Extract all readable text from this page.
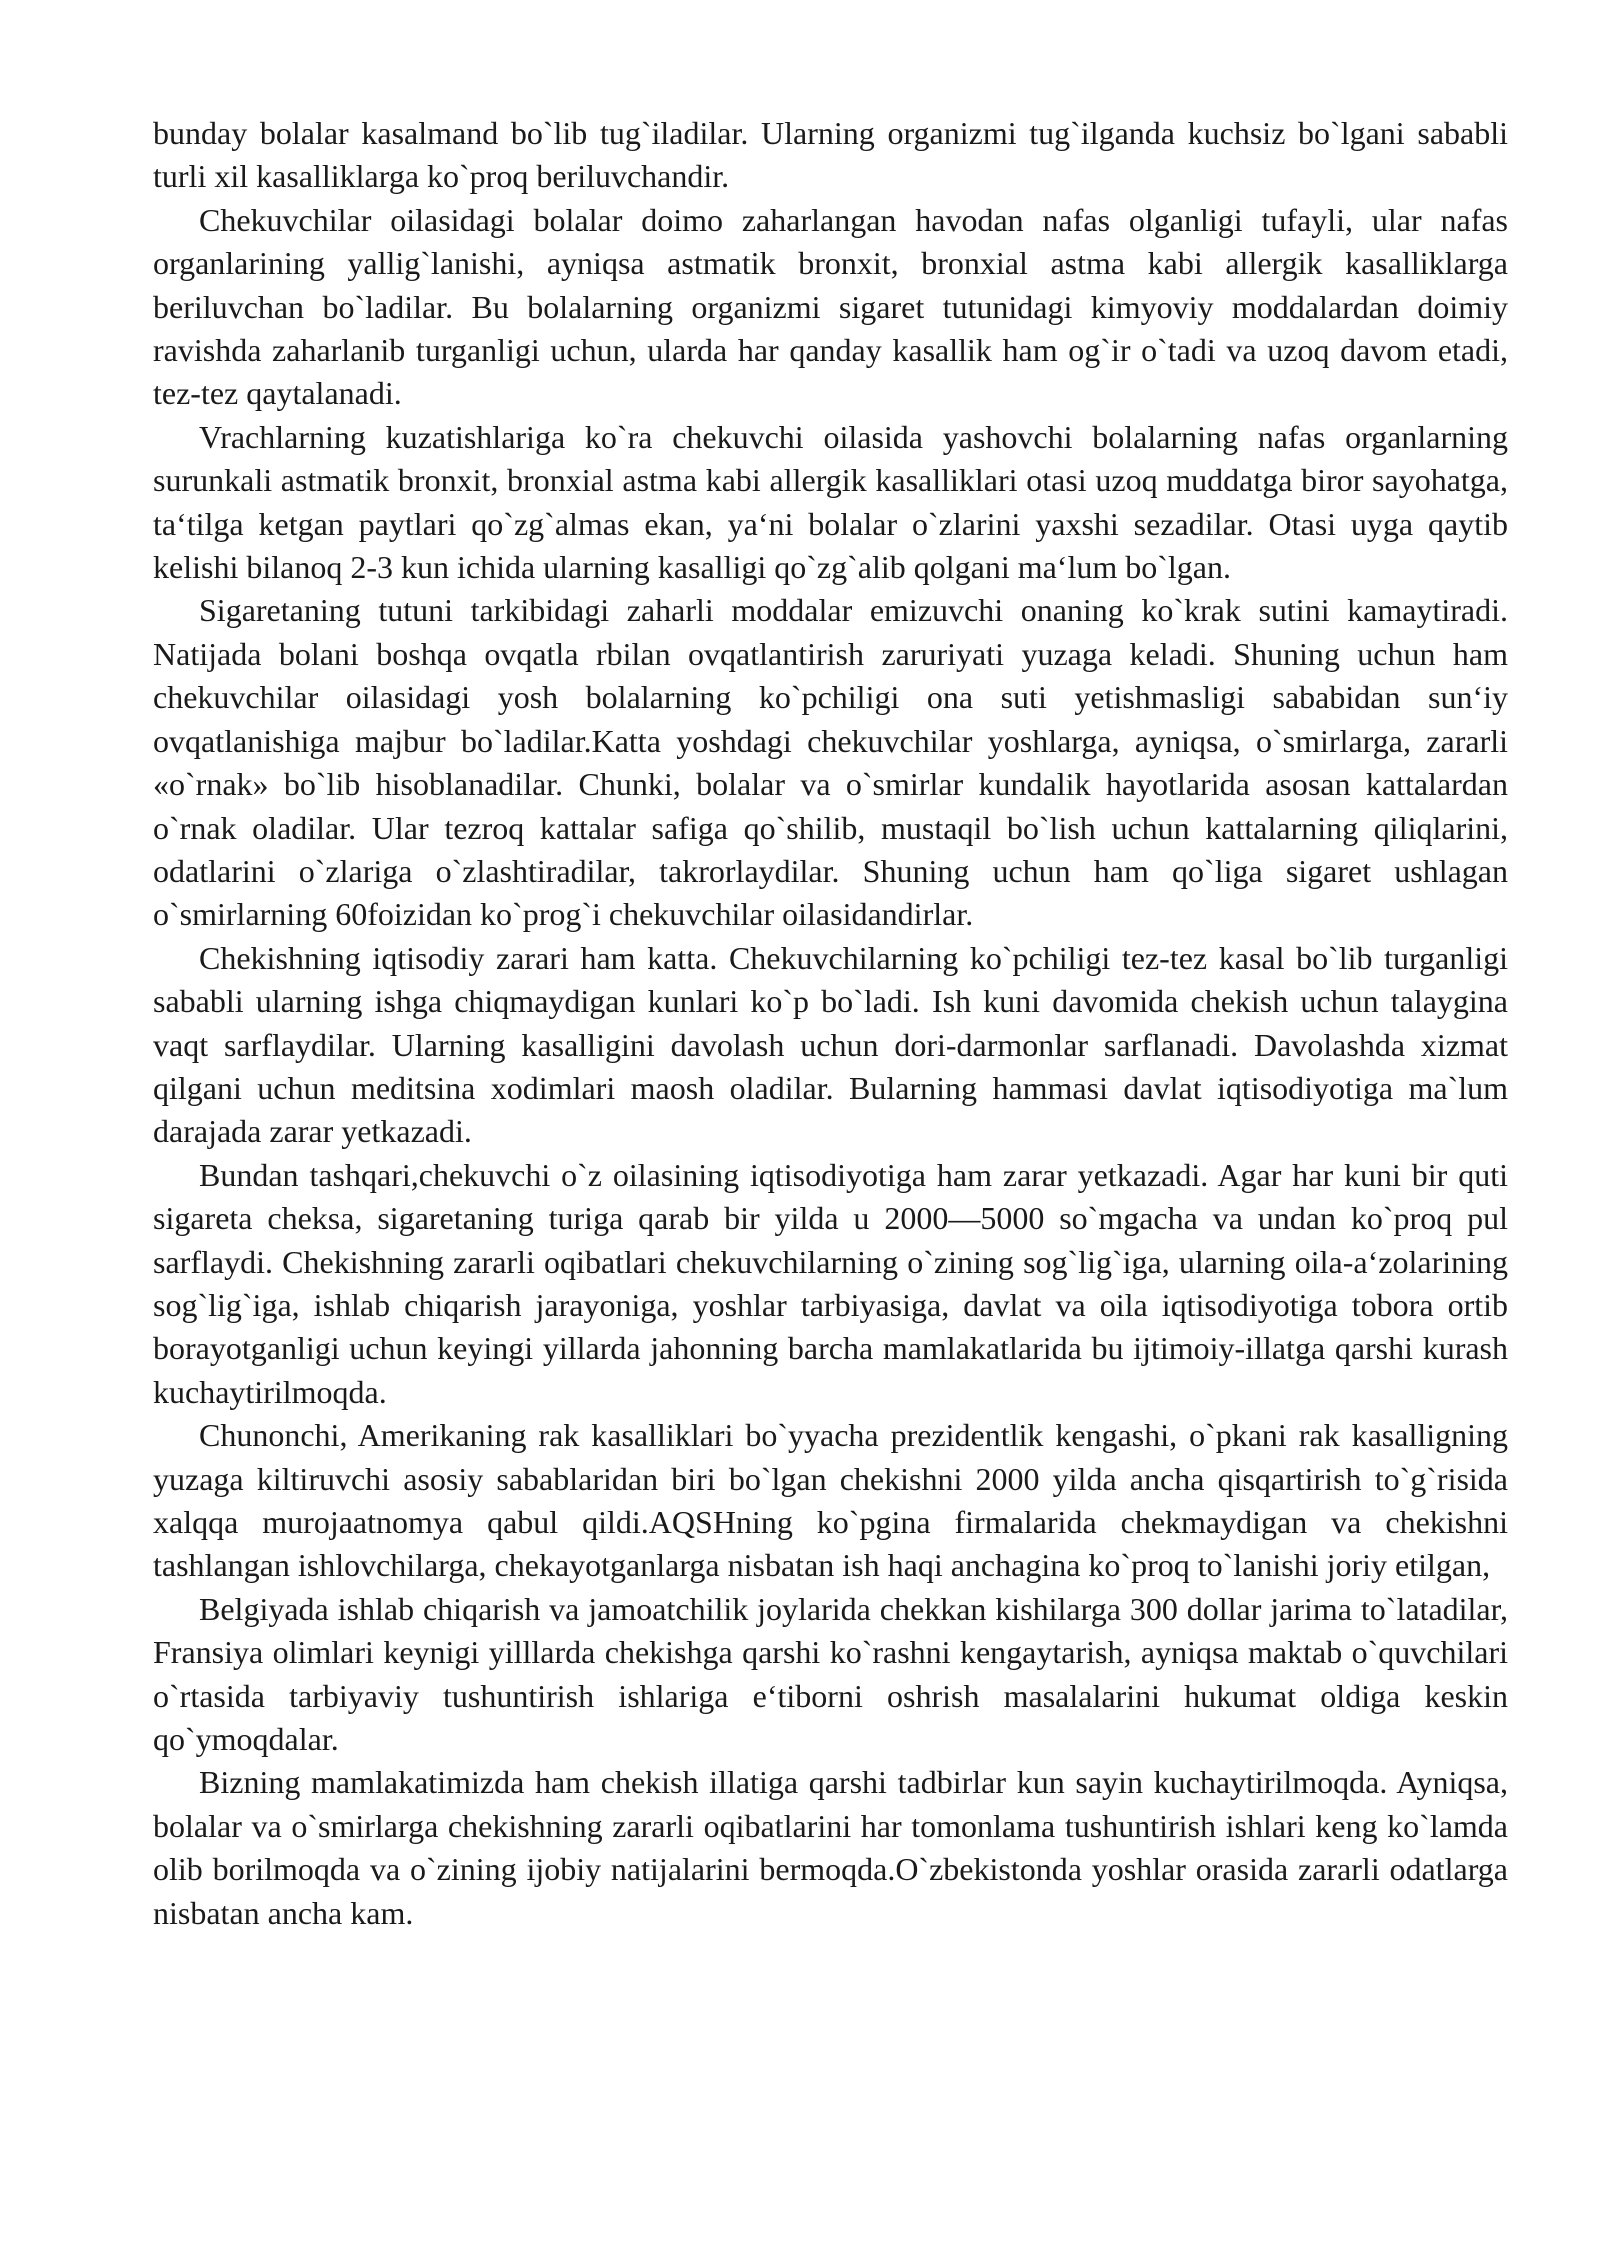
bunday bolalar kasalmand bo`lib tug`iladilar. Ularning organizmi tug`ilganda kuchsiz bo`lgani sababli turli xil kasalliklarga ko`proq beriluvchandir.

Chekuvchilar oilasidagi bolalar doimo zaharlangan havodan nafas olganligi tufayli, ular nafas organlarining yallig`lanishi, ayniqsa astmatik bronxit, bronxial astma kabi allergik kasalliklarga beriluvchan bo`ladilar. Bu bolalarning organizmi sigaret tutunidagi kimyoviy moddalardan doimiy ravishda zaharlanib turganligi uchun, ularda har qanday kasallik ham og`ir o`tadi va uzoq davom etadi, tez-tez qaytalanadi.

Vrachlarning kuzatishlariga ko`ra chekuvchi oilasida yashovchi bolalarning nafas organlarning surunkali astmatik bronxit, bronxial astma kabi allergik kasalliklari otasi uzoq muddatga biror sayohatga, ta‘tilga ketgan paytlari qo`zg`almas ekan, ya‘ni bolalar o`zlarini yaxshi sezadilar. Otasi uyga qaytib kelishi bilanoq 2-3 kun ichida ularning kasalligi qo`zg`alib qolgani ma‘lum bo`lgan.

Sigaretaning tutuni tarkibidagi zaharli moddalar emizuvchi onaning ko`krak sutini kamaytiradi. Natijada bolani boshqa ovqatla rbilan ovqatlantirish zaruriyati yuzaga keladi. Shuning uchun ham chekuvchilar oilasidagi yosh bolalarning ko`pchiligi ona suti yetishmasligi sababidan sun‘iy ovqatlanishiga majbur bo`ladilar.Katta yoshdagi chekuvchilar yoshlarga, ayniqsa, o`smirlarga, zararli «o`rnak» bo`lib hisoblanadilar. Chunki, bolalar va o`smirlar kundalik hayotlarida asosan kattalardan o`rnak oladilar. Ular tezroq kattalar safiga qo`shilib, mustaqil bo`lish uchun kattalarning qiliqlarini, odatlarini o`zlariga o`zlashtiradilar, takrorlaydilar. Shuning uchun ham qo`liga sigaret ushlagan o`smirlarning 60foizidan ko`prog`i chekuvchilar oilasidandirlar.

Chekishning iqtisodiy zarari ham katta. Chekuvchilarning ko`pchiligi tez-tez kasal bo`lib turganligi sababli ularning ishga chiqmaydigan kunlari ko`p bo`ladi. Ish kuni davomida chekish uchun talaygina vaqt sarflaydilar. Ularning kasalligini davolash uchun dori-darmonlar sarflanadi. Davolashda xizmat qilgani uchun meditsina xodimlari maosh oladilar. Bularning hammasi davlat iqtisodiyotiga ma`lum darajada zarar yetkazadi.

Bundan tashqari,chekuvchi o`z oilasining iqtisodiyotiga ham zarar yetkazadi. Agar har kuni bir quti sigareta cheksa, sigaretaning turiga qarab bir yilda u 2000—5000 so`mgacha va undan ko`proq pul sarflaydi. Chekishning zararli oqibatlari chekuvchilarning o`zining sog`lig`iga, ularning oila-a‘zolarining sog`lig`iga, ishlab chiqarish jarayoniga, yoshlar tarbiyasiga, davlat va oila iqtisodiyotiga tobora ortib borayotganligi uchun keyingi yillarda jahonning barcha mamlakatlarida bu ijtimoiy-illatga qarshi kurash kuchaytirilmoqda.

Chunonchi, Amerikaning rak kasalliklari bo`yyacha prezidentlik kengashi, o`pkani rak kasalligning yuzaga kiltiruvchi asosiy sabablaridan biri bo`lgan chekishni 2000 yilda ancha qisqartirish to`g`risida xalqqa murojaatnomya qabul qildi.AQSHning ko`pgina firmalarida chekmaydigan va chekishni tashlangan ishlovchilarga, chekayotganlarga nisbatan ish haqi anchagina ko`proq to`lanishi joriy etilgan,

Belgiyada ishlab chiqarish va jamoatchilik joylarida chekkan kishilarga 300 dollar jarima to`latadilar, Fransiya olimlari keynigi yilllarda chekishga qarshi ko`rashni kengaytarish, ayniqsa maktab o`quvchilari o`rtasida tarbiyaviy tushuntirish ishlariga e‘tiborni oshrish masalalarini hukumat oldiga keskin qo`ymoqdalar.

Bizning mamlakatimizda ham chekish illatiga qarshi tadbirlar kun sayin kuchaytirilmoqda. Ayniqsa, bolalar va o`smirlarga chekishning zararli oqibatlarini har tomonlama tushuntirish ishlari keng ko`lamda olib borilmoqda va o`zining ijobiy natijalarini bermoqda.O`zbekistonda yoshlar orasida zararli odatlarga nisbatan ancha kam.
